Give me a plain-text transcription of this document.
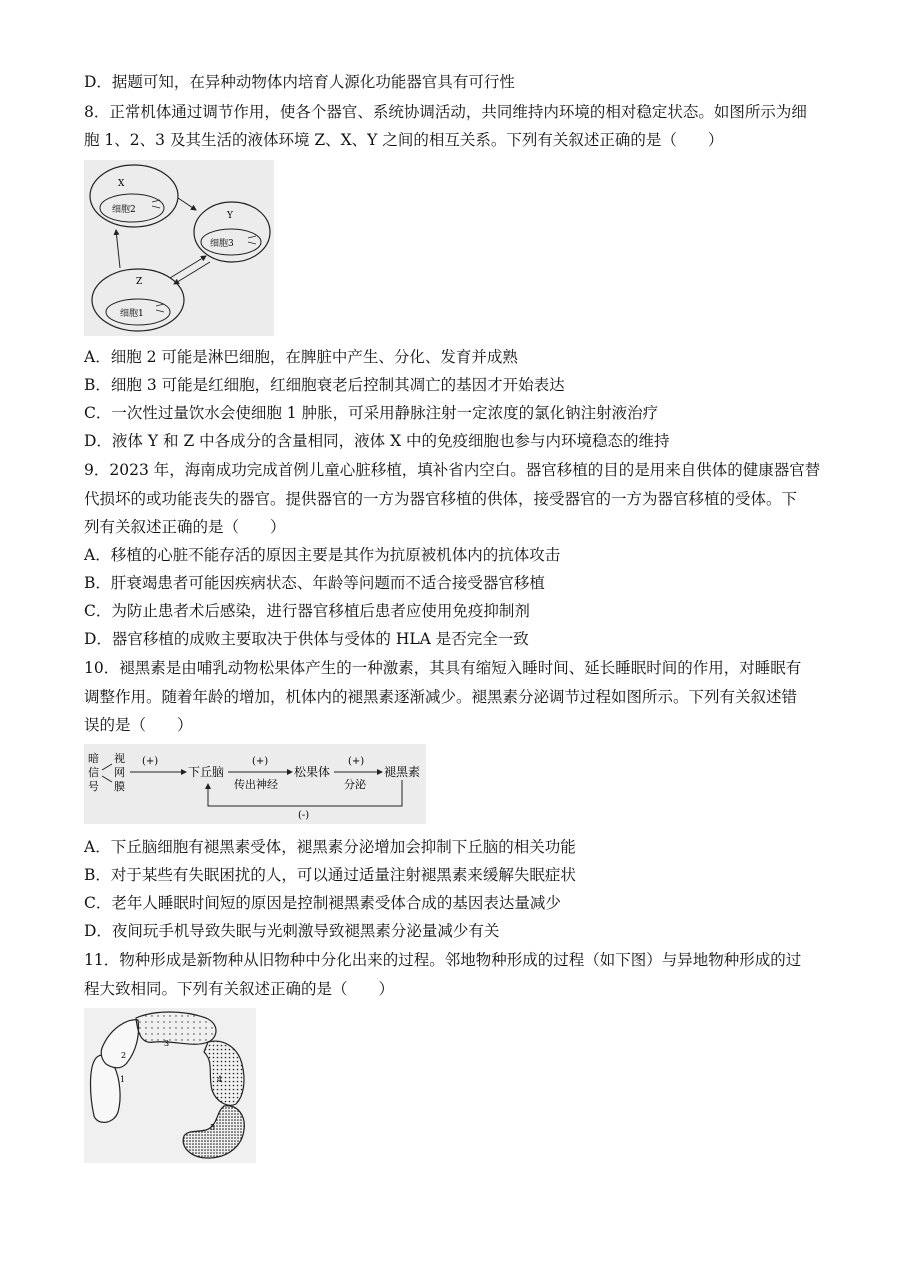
D．据题可知，在异种动物体内培育人源化功能器官具有可行性
8．正常机体通过调节作用，使各个器官、系统协调活动，共同维持内环境的相对稳定状态。如图所示为细
胞 1、2、3 及其生活的液体环境 Z、X、Y 之间的相互关系。下列有关叙述正确的是（　　）
X
细胞2
Y
细胞3
Z
细胞1
A．细胞 2 可能是淋巴细胞，在脾脏中产生、分化、发育并成熟
B．细胞 3 可能是红细胞，红细胞衰老后控制其凋亡的基因才开始表达
C．一次性过量饮水会使细胞 1 肿胀，可采用静脉注射一定浓度的氯化钠注射液治疗
D．液体 Y 和 Z 中各成分的含量相同，液体 X 中的免疫细胞也参与内环境稳态的维持
9．2023 年，海南成功完成首例儿童心脏移植，填补省内空白。器官移植的目的是用来自供体的健康器官替
代损坏的或功能丧失的器官。提供器官的一方为器官移植的供体，接受器官的一方为器官移植的受体。下
列有关叙述正确的是（　　）
A．移植的心脏不能存活的原因主要是其作为抗原被机体内的抗体攻击
B．肝衰竭患者可能因疾病状态、年龄等问题而不适合接受器官移植
C．为防止患者术后感染，进行器官移植后患者应使用免疫抑制剂
D．器官移植的成败主要取决于供体与受体的 HLA 是否完全一致
10．褪黑素是由哺乳动物松果体产生的一种激素，其具有缩短入睡时间、延长睡眠时间的作用，对睡眠有
调整作用。随着年龄的增加，机体内的褪黑素逐渐减少。褪黑素分泌调节过程如图所示。下列有关叙述错
误的是（　　）
暗
信
号
视
网
膜
(+)
下丘脑
(+)
传出神经
松果体
(+)
分泌
褪黑素
(-)
A．下丘脑细胞有褪黑素受体，褪黑素分泌增加会抑制下丘脑的相关功能
B．对于某些有失眠困扰的人，可以通过适量注射褪黑素来缓解失眠症状
C．老年人睡眠时间短的原因是控制褪黑素受体合成的基因表达量减少
D．夜间玩手机导致失眠与光刺激导致褪黑素分泌量减少有关
11．物种形成是新物种从旧物种中分化出来的过程。邻地物种形成的过程（如下图）与异地物种形成的过
程大致相同。下列有关叙述正确的是（　　）
1
2
3
4
5
